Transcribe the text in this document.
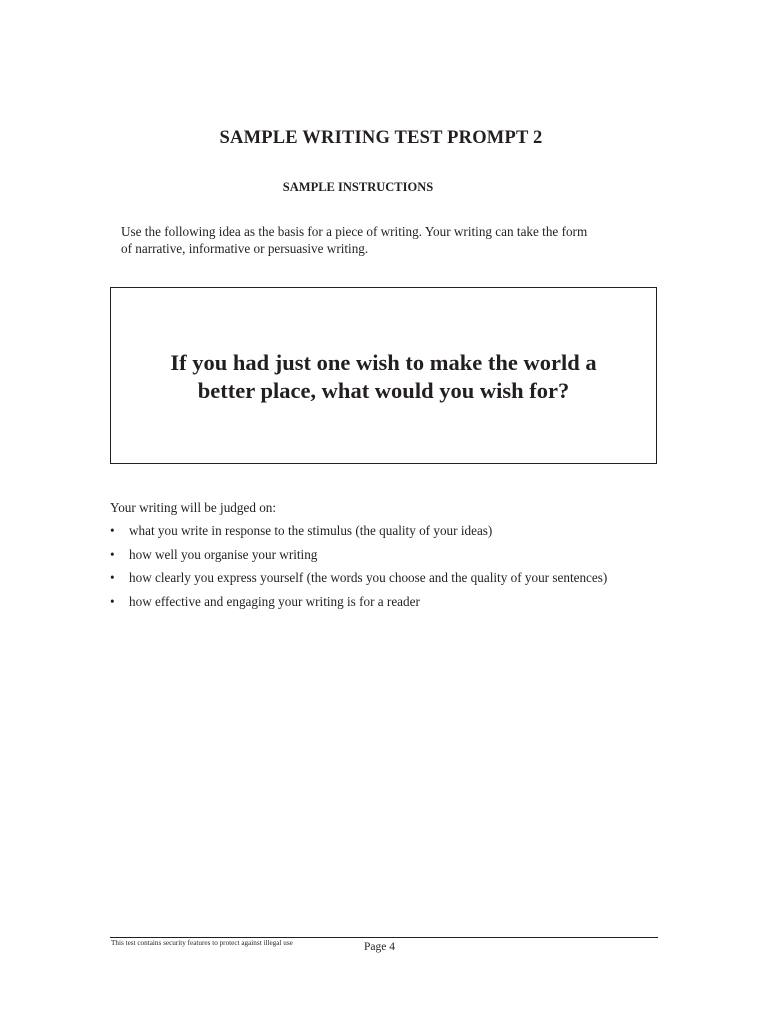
SAMPLE WRITING TEST PROMPT 2
SAMPLE INSTRUCTIONS
Use the following idea as the basis for a piece of writing. Your writing can take the form
of narrative, informative or persuasive writing.
If you had just one wish to make the world a
better place, what would you wish for?
Your writing will be judged on:
• what you write in response to the stimulus (the quality of your ideas)
• how well you organise your writing
• how clearly you express yourself (the words you choose and the quality of your sentences)
• how effective and engaging your writing is for a reader
This test contains security features to protect against illegal use	Page 4
